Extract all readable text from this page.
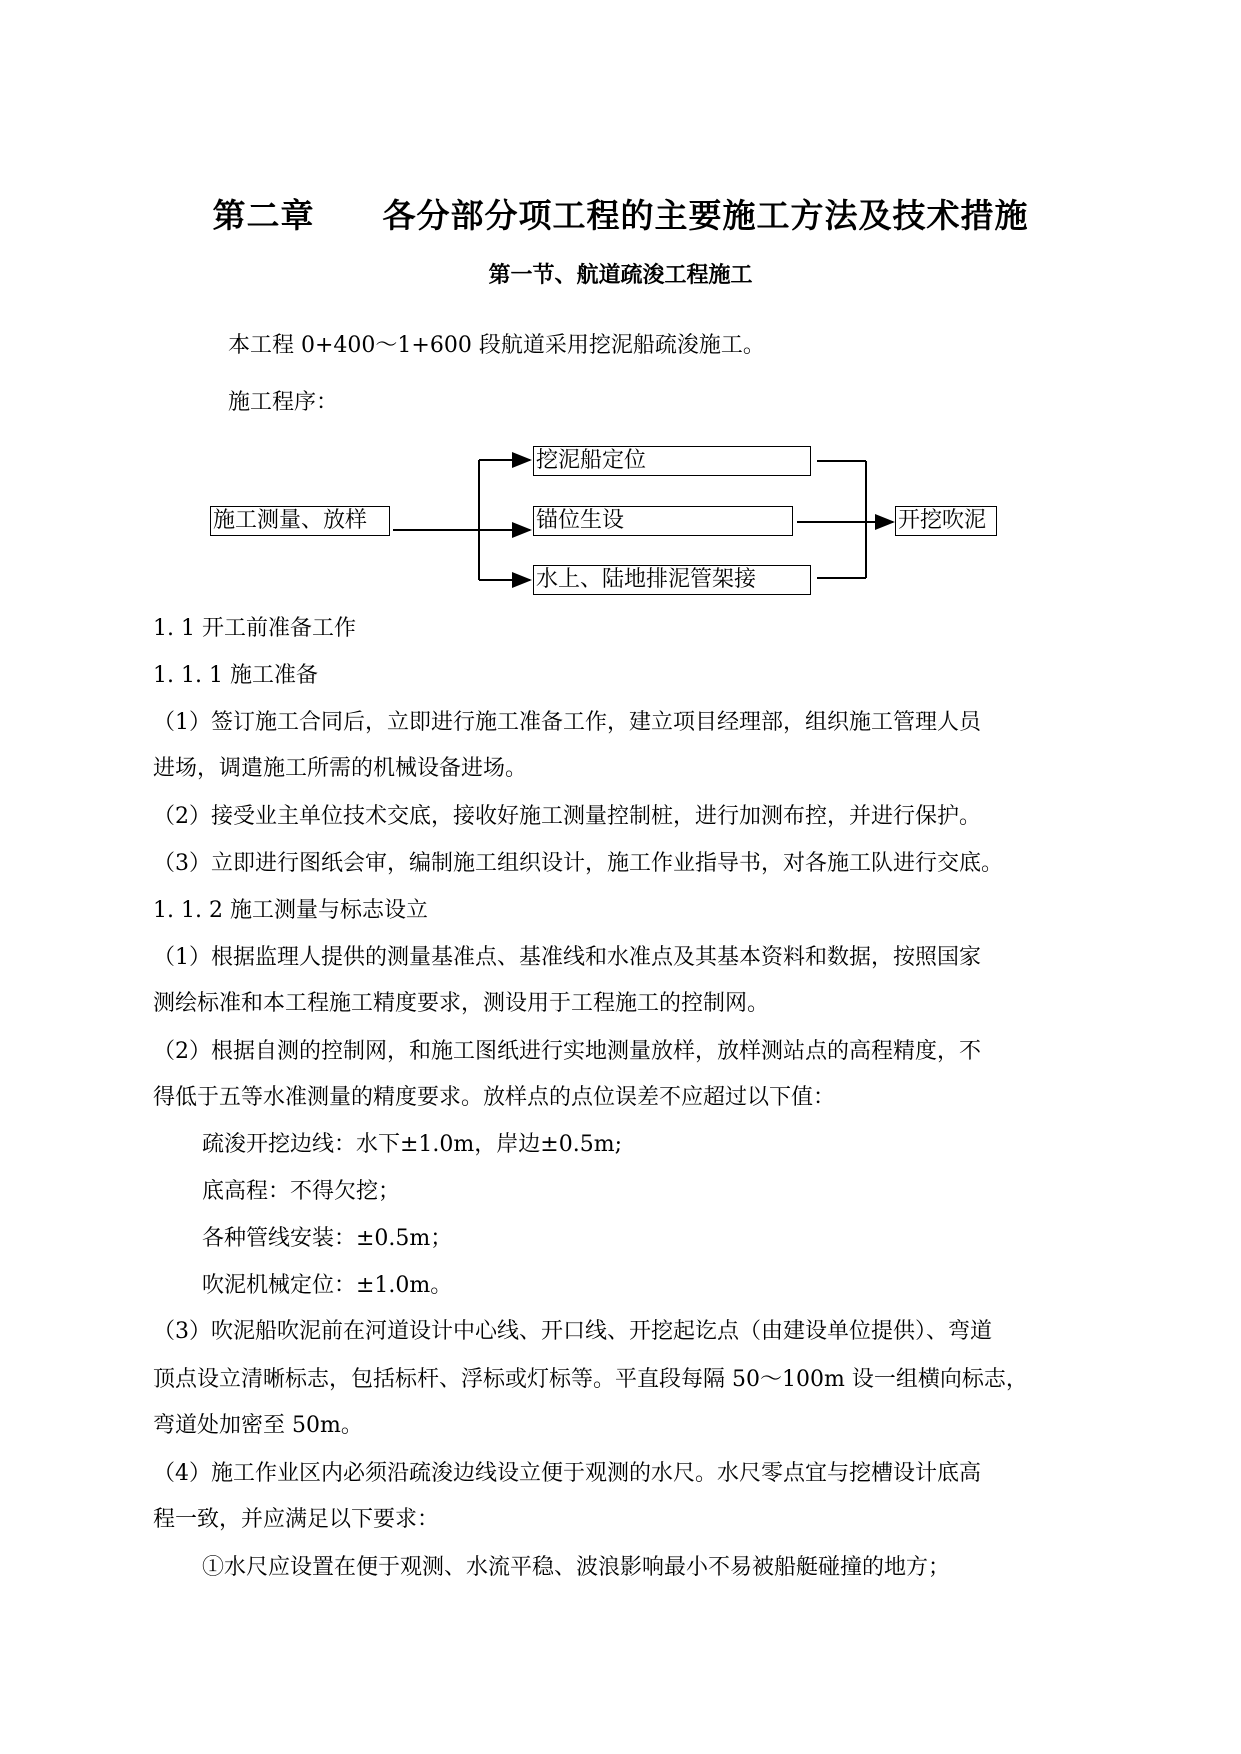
第二章　　各分部分项工程的主要施工方法及技术措施
第一节、航道疏浚工程施工
本工程 0+400～1+600 段航道采用挖泥船疏浚施工。
施工程序：
施工测量、放样
挖泥船定位
锚位生设
水上、陆地排泥管架接
开挖吹泥
1. 1 开工前准备工作
1. 1. 1 施工准备
（1）签订施工合同后，立即进行施工准备工作，建立项目经理部，组织施工管理人员
进场，调遣施工所需的机械设备进场。
（2）接受业主单位技术交底，接收好施工测量控制桩，进行加测布控，并进行保护。
（3）立即进行图纸会审，编制施工组织设计，施工作业指导书，对各施工队进行交底。
1. 1. 2 施工测量与标志设立
（1）根据监理人提供的测量基准点、基准线和水准点及其基本资料和数据，按照国家
测绘标准和本工程施工精度要求，测设用于工程施工的控制网。
（2）根据自测的控制网，和施工图纸进行实地测量放样，放样测站点的高程精度，不
得低于五等水准测量的精度要求。放样点的点位误差不应超过以下值：
疏浚开挖边线：水下±1.0m，岸边±0.5m;
底高程：不得欠挖；
各种管线安装：±0.5m；
吹泥机械定位：±1.0m。
（3）吹泥船吹泥前在河道设计中心线、开口线、开挖起讫点（由建设单位提供）、弯道
顶点设立清晰标志，包括标杆、浮标或灯标等。平直段每隔 50～100m 设一组横向标志，
弯道处加密至 50m。
（4）施工作业区内必须沿疏浚边线设立便于观测的水尺。水尺零点宜与挖槽设计底高
程一致，并应满足以下要求：
①水尺应设置在便于观测、水流平稳、波浪影响最小不易被船艇碰撞的地方；
